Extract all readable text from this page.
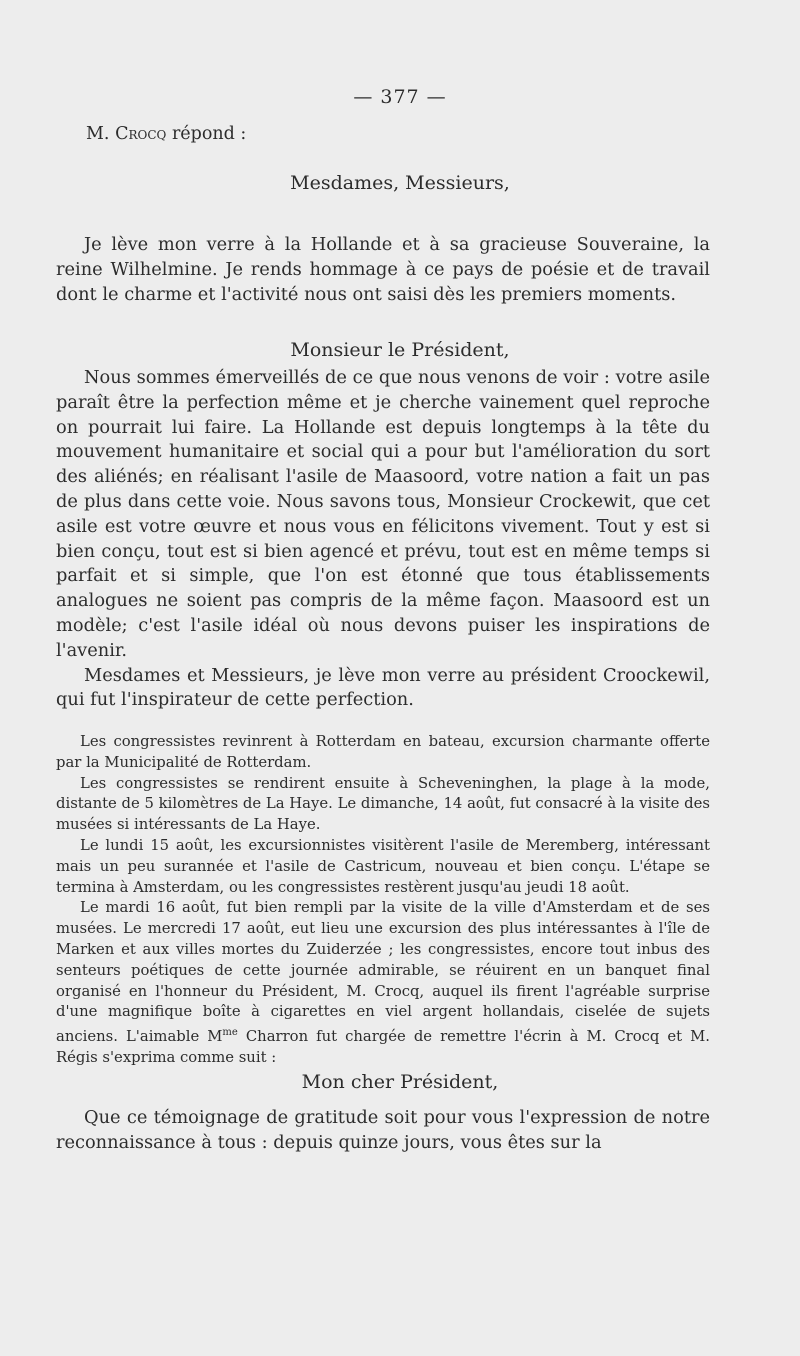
— 377 —
M. Crocq répond :
Mesdames, Messieurs,

Je lève mon verre à la Hollande et à sa gracieuse Souveraine, la reine Wilhelmine. Je rends hommage à ce pays de poésie et de travail dont le charme et l'activité nous ont saisi dès les premiers moments.

Monsieur le Président,

Nous sommes émerveillés de ce que nous venons de voir : votre asile paraît être la perfection même et je cherche vainement quel reproche on pourrait lui faire. La Hollande est depuis longtemps à la tête du mouvement humanitaire et social qui a pour but l'amélioration du sort des aliénés; en réalisant l'asile de Maasoord, votre nation a fait un pas de plus dans cette voie. Nous savons tous, Monsieur Crockewit, que cet asile est votre œuvre et nous vous en félicitons vivement. Tout y est si bien conçu, tout est si bien agencé et prévu, tout est en même temps si parfait et si simple, que l'on est étonné que tous établissements analogues ne soient pas compris de la même façon. Maasoord est un modèle; c'est l'asile idéal où nous devons puiser les inspirations de l'avenir.

Mesdames et Messieurs, je lève mon verre au président Croockewil, qui fut l'inspirateur de cette perfection.

Les congressistes revinrent à Rotterdam en bateau, excursion charmante offerte par la Municipalité de Rotterdam.

Les congressistes se rendirent ensuite à Scheveninghen, la plage à la mode, distante de 5 kilomètres de La Haye. Le dimanche, 14 août, fut consacré à la visite des musées si intéressants de La Haye.

Le lundi 15 août, les excursionnistes visitèrent l'asile de Meremberg, intéressant mais un peu surannée et l'asile de Castricum, nouveau et bien conçu. L'étape se termina à Amsterdam, ou les congressistes restèrent jusqu'au jeudi 18 août.

Le mardi 16 août, fut bien rempli par la visite de la ville d'Amsterdam et de ses musées. Le mercredi 17 août, eut lieu une excursion des plus intéressantes à l'île de Marken et aux villes mortes du Zuiderzée ; les congressistes, encore tout inbus des senteurs poétiques de cette journée admirable, se réuirent en un banquet final organisé en l'honneur du Président, M. Crocq, auquel ils firent l'agréable surprise d'une magnifique boîte à cigarettes en viel argent hollandais, ciselée de sujets anciens. L'aimable $M^{me}$ Charron fut chargée de remettre l'écrin à M. Crocq et M. Régis s'exprima comme suit :

Mon cher Président,

Que ce témoignage de gratitude soit pour vous l'expression de notre reconnaissance à tous : depuis quinze jours, vous êtes sur la
